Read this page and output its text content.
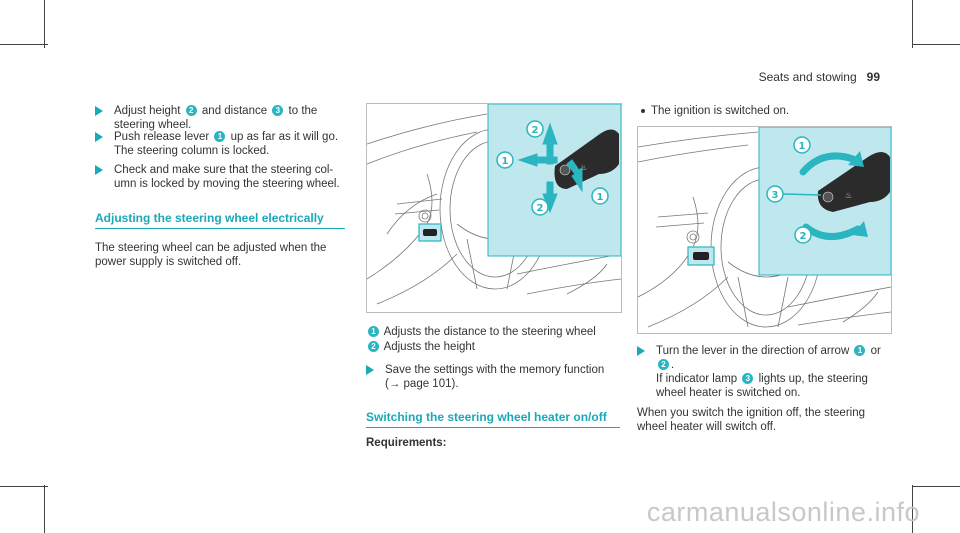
Seats and stowing 99
Adjust height 2 and distance 3 to the steering wheel.
Push release lever 1 up as far as it will go.
The steering column is locked.
Check and make sure that the steering col-
umn is locked by moving the steering wheel.
Adjusting the steering wheel electrically
The steering wheel can be adjusted when the
power supply is switched off.
♨
2
1
2
1
1 Adjusts the distance to the steering wheel
2 Adjusts the height
Save the settings with the memory function
(→ page 101).
Switching the steering wheel heater on/off
Requirements:
The ignition is switched on.
♨
1
3
2
Turn the lever in the direction of arrow 1 or
2 .
If indicator lamp 3 lights up, the steering
wheel heater is switched on.
When you switch the ignition off, the steering
wheel heater will switch off.
carmanualsonline.info
